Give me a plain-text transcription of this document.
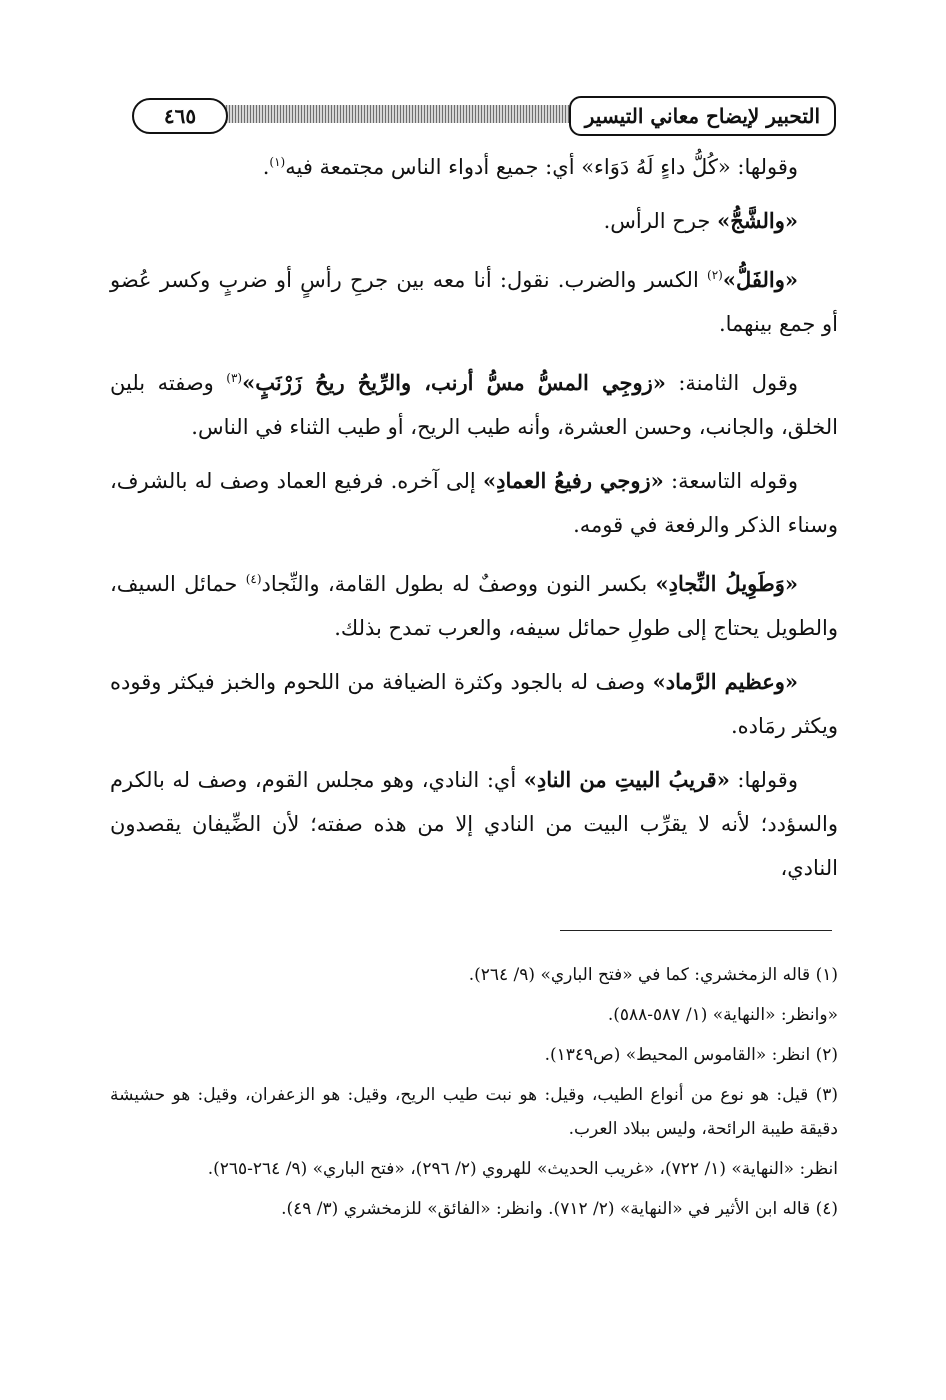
٤٦٥	التحبير لإيضاح معاني التيسير

وقولها: «كُلُّ داءٍ لَهُ دَوَاء» أي: جميع أدواء الناس مجتمعة فيه$^{(١)}$.

«والشَّجُّ» جرح الرأس.

«والفَلُّ»$^{(٢)}$ الكسر والضرب. نقول: أنا معه بين جرحِ رأسٍ أو ضربٍ وكسر عُضو أو جمع بينهما.

وقول الثامنة: «زوجِي المسُّ مسُّ أرنب، والرِّيحُ ريحُ زَرْنَبٍ»$^{(٣)}$ وصفته بلين الخلق، والجانب، وحسن العشرة، وأنه طيب الريح، أو طيب الثناء في الناس.

وقوله التاسعة: «زوجي رفيعُ العمادِ» إلى آخره. فرفيع العماد وصف له بالشرف، وسناء الذكر والرفعة في قومه.

«وَطَوِيلُ النِّجادِ» بكسر النون ووصفٌ له بطول القامة، والنِّجاد$^{(٤)}$ حمائل السيف، والطويل يحتاج إلى طولِ حمائل سيفه، والعرب تمدح بذلك.

«وعظيم الرَّماد» وصف له بالجود وكثرة الضيافة من اللحوم والخبز فيكثر وقوده ويكثر رمَاده.

وقولها: «قريبُ البيتِ من النادِ» أي: النادي، وهو مجلس القوم، وصف له بالكرم والسؤدد؛ لأنه لا يقرِّب البيت من النادي إلا من هذه صفته؛ لأن الضِّيفان يقصدون النادي،

(١) قاله الزمخشري: كما في «فتح الباري» (٩/ ٢٦٤).

«وانظر: «النهاية» (١/ ٥٨٧-٥٨٨).

(٢) انظر: «القاموس المحيط» (ص١٣٤٩).

(٣) قيل: هو نوع من أنواع الطيب، وقيل: هو نبت طيب الريح، وقيل: هو الزعفران، وقيل: هو حشيشة دقيقة طيبة الرائحة، وليس ببلاد العرب.

انظر: «النهاية» (١/ ٧٢٢)، «غريب الحديث» للهروي (٢/ ٢٩٦)، «فتح الباري» (٩/ ٢٦٤-٢٦٥).

(٤) قاله ابن الأثير في «النهاية» (٢/ ٧١٢). وانظر: «الفائق» للزمخشري (٣/ ٤٩).
